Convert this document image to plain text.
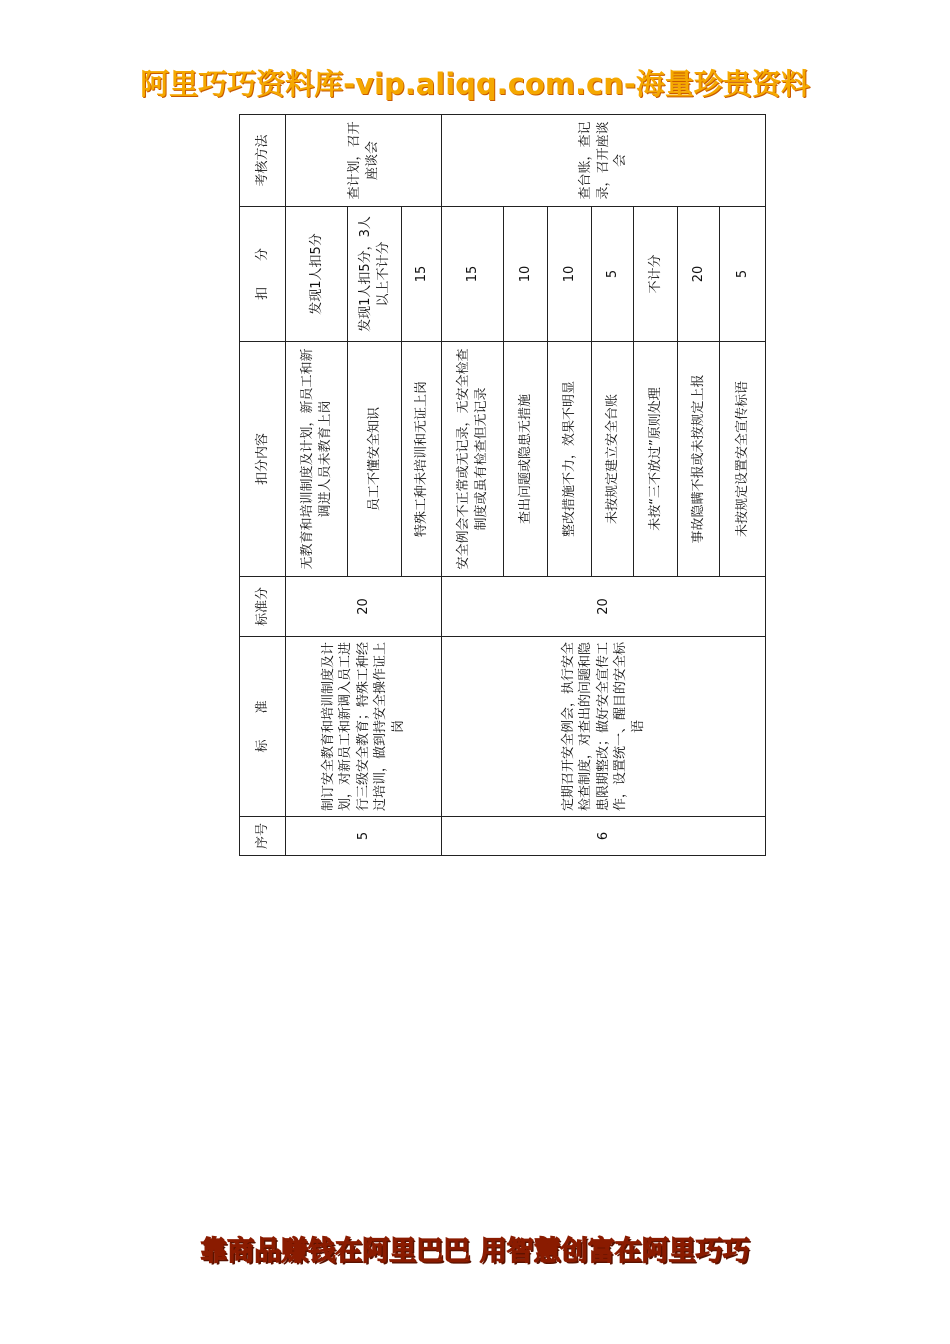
阿里巧巧资料库-vip.aliqq.com.cn-海量珍贵资料
序号	标　　准	标准分	扣分内容	扣　　分	考核方法
5	制订安全教育和培训制度及计划，对新员工和新调入员工进行三级安全教育；特殊工种经过培训，做到持安全操作证上岗	20	无教育和培训制度及计划，新员工和新调进人员未教育上岗	发现1人扣5分	查计划，召开座谈会
			员工不懂安全知识	发现1人扣5分，3人以上不计分	
			特殊工种未培训和无证上岗	15	
6	定期召开安全例会，执行安全检查制度，对查出的问题和隐患限期整改；做好安全宣传工作，设置统一、醒目的安全标语	20	安全例会不正常或无记录，无安全检查制度或虽有检查但无记录	15	查台账，查记录，召开座谈会
			查出问题或隐患无措施	10	
			整改措施不力，效果不明显	10	
			未按规定建立安全台账	5	
			未按“三不放过”原则处理	不计分	
			事故隐瞒不报或未按规定上报	20	
			未按规定设置安全宣传标语	5	
靠商品赚钱在阿里巴巴 用智慧创富在阿里巧巧
